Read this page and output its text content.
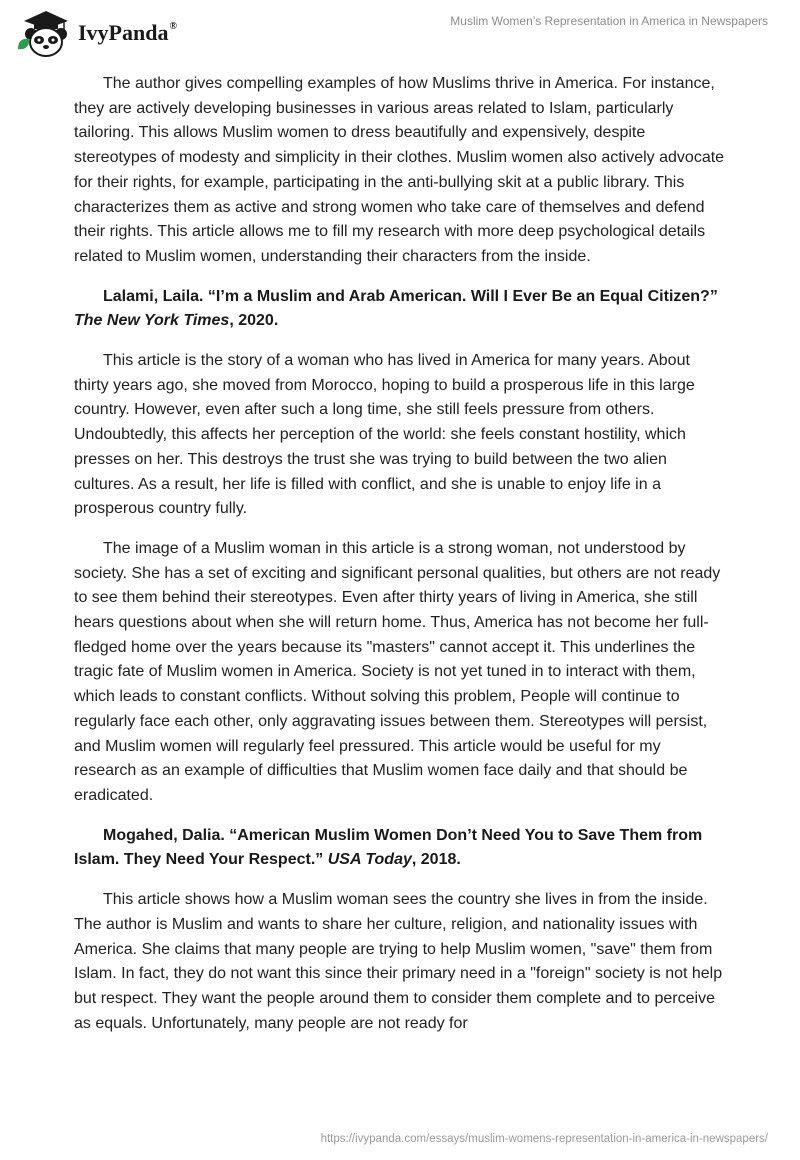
IvyPanda®	Muslim Women’s Representation in America in Newspapers

The author gives compelling examples of how Muslims thrive in America. For instance, they are actively developing businesses in various areas related to Islam, particularly tailoring. This allows Muslim women to dress beautifully and expensively, despite stereotypes of modesty and simplicity in their clothes. Muslim women also actively advocate for their rights, for example, participating in the anti-bullying skit at a public library. This characterizes them as active and strong women who take care of themselves and defend their rights. This article allows me to fill my research with more deep psychological details related to Muslim women, understanding their characters from the inside.

Lalami, Laila. “I’m a Muslim and Arab American. Will I Ever Be an Equal Citizen?” The New York Times, 2020.

This article is the story of a woman who has lived in America for many years. About thirty years ago, she moved from Morocco, hoping to build a prosperous life in this large country. However, even after such a long time, she still feels pressure from others. Undoubtedly, this affects her perception of the world: she feels constant hostility, which presses on her. This destroys the trust she was trying to build between the two alien cultures. As a result, her life is filled with conflict, and she is unable to enjoy life in a prosperous country fully.

The image of a Muslim woman in this article is a strong woman, not understood by society. She has a set of exciting and significant personal qualities, but others are not ready to see them behind their stereotypes. Even after thirty years of living in America, she still hears questions about when she will return home. Thus, America has not become her full-fledged home over the years because its "masters" cannot accept it. This underlines the tragic fate of Muslim women in America. Society is not yet tuned in to interact with them, which leads to constant conflicts. Without solving this problem, People will continue to regularly face each other, only aggravating issues between them. Stereotypes will persist, and Muslim women will regularly feel pressured. This article would be useful for my research as an example of difficulties that Muslim women face daily and that should be eradicated.

Mogahed, Dalia. “American Muslim Women Don’t Need You to Save Them from Islam. They Need Your Respect.” USA Today, 2018.

This article shows how a Muslim woman sees the country she lives in from the inside. The author is Muslim and wants to share her culture, religion, and nationality issues with America. She claims that many people are trying to help Muslim women, "save" them from Islam. In fact, they do not want this since their primary need in a "foreign" society is not help but respect. They want the people around them to consider them complete and to perceive as equals. Unfortunately, many people are not ready for

https://ivypanda.com/essays/muslim-womens-representation-in-america-in-newspapers/
